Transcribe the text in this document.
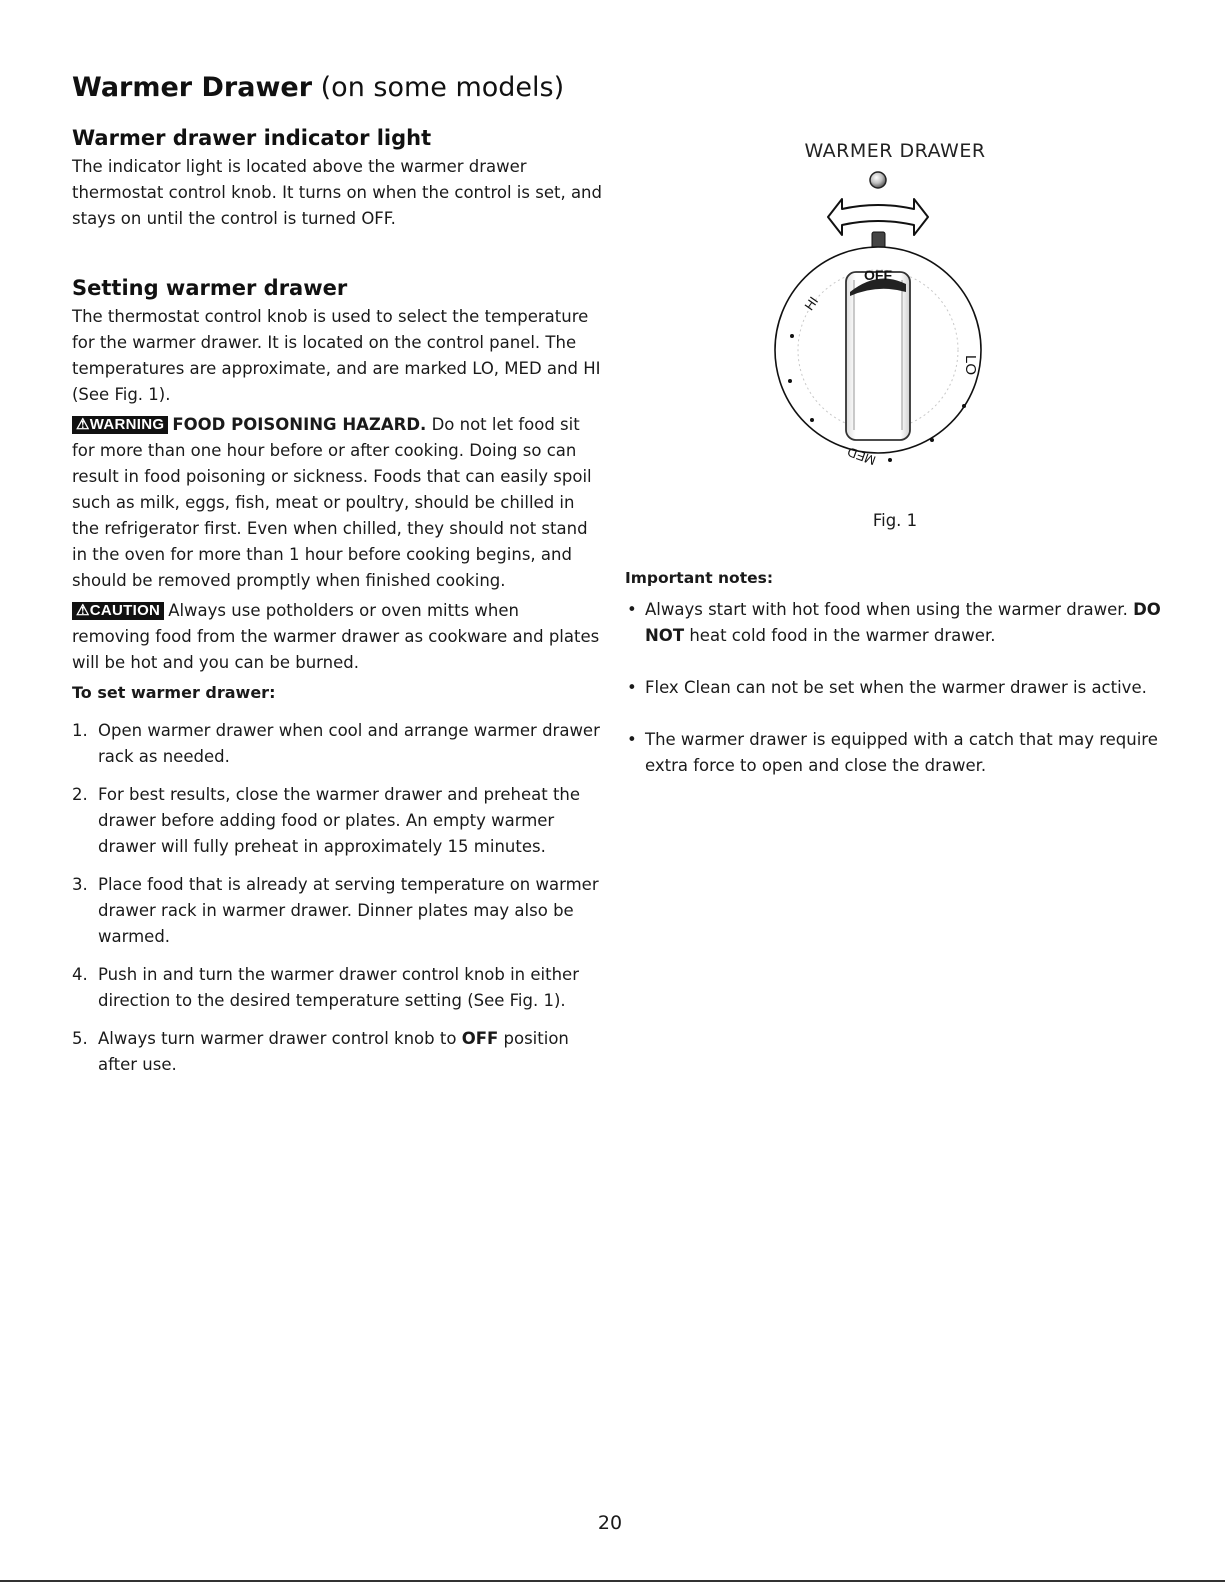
Warmer Drawer (on some models)
Warmer drawer indicator light

The indicator light is located above the warmer drawer thermostat control knob. It turns on when the control is set, and stays on until the control is turned OFF.

Setting warmer drawer

The thermostat control knob is used to select the temperature for the warmer drawer. It is located on the control panel. The temperatures are approximate, and are marked LO, MED and HI (See Fig. 1).

⚠WARNING FOOD POISONING HAZARD. Do not let food sit for more than one hour before or after cooking. Doing so can result in food poisoning or sickness. Foods that can easily spoil such as milk, eggs, fish, meat or poultry, should be chilled in the refrigerator first. Even when chilled, they should not stand in the oven for more than 1 hour before cooking begins, and should be removed promptly when finished cooking.

⚠CAUTION Always use potholders or oven mitts when removing food from the warmer drawer as cookware and plates will be hot and you can be burned.

To set warmer drawer:

1. Open warmer drawer when cool and arrange warmer drawer rack as needed.
2. For best results, close the warmer drawer and preheat the drawer before adding food or plates. An empty warmer drawer will fully preheat in approximately 15 minutes.
3. Place food that is already at serving temperature on warmer drawer rack in warmer drawer. Dinner plates may also be warmed.
4. Push in and turn the warmer drawer control knob in either direction to the desired temperature setting (See Fig. 1).
5. Always turn warmer drawer control knob to OFF position after use.
WARMER DRAWER
OFF
HI
LO
MED
Fig. 1

Important notes:

• Always start with hot food when using the warmer drawer. DO NOT heat cold food in the warmer drawer.
• Flex Clean can not be set when the warmer drawer is active.
• The warmer drawer is equipped with a catch that may require extra force to open and close the drawer.
20
